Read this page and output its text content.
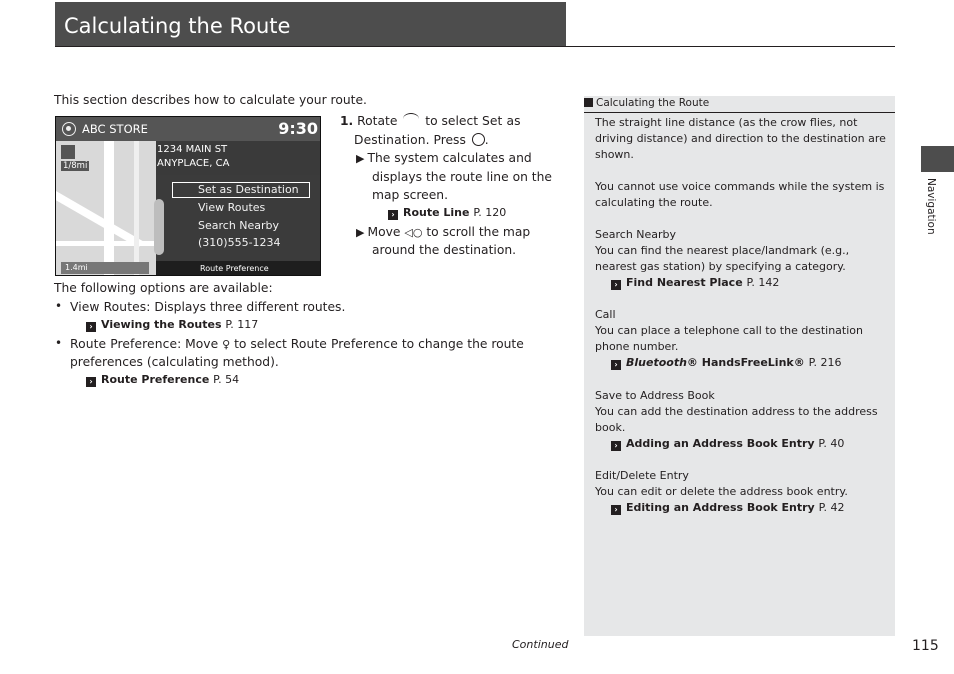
Calculating the Route
Navigation
This section describes how to calculate your route.
1/8mi
1.4mi
ABC STORE	9:30
1234 MAIN ST
ANYPLACE, CA
Set as Destination
View Routes
Search Nearby
(310)555-1234
Route Preference
1. Rotate to select Set as
Destination. Press .
▶ The system calculates and
displays the route line on the
map screen.
› Route Line P. 120
▶ Move ◁○ to scroll the map
around the destination.
The following options are available:
• View Routes: Displays three different routes.
› Viewing the Routes P. 117
• Route Preference: Move ♀ to select Route Preference to change the route
preferences (calculating method).
› Route Preference P. 54
Calculating the Route
The straight line distance (as the crow flies, not
driving distance) and direction to the destination are
shown.
You cannot use voice commands while the system is
calculating the route.
Search Nearby
You can find the nearest place/landmark (e.g.,
nearest gas station) by specifying a category.
› Find Nearest Place P. 142
Call
You can place a telephone call to the destination
phone number.
› Bluetooth® HandsFreeLink® P. 216
Save to Address Book
You can add the destination address to the address
book.
› Adding an Address Book Entry P. 40
Edit/Delete Entry
You can edit or delete the address book entry.
› Editing an Address Book Entry P. 42
Continued	115
